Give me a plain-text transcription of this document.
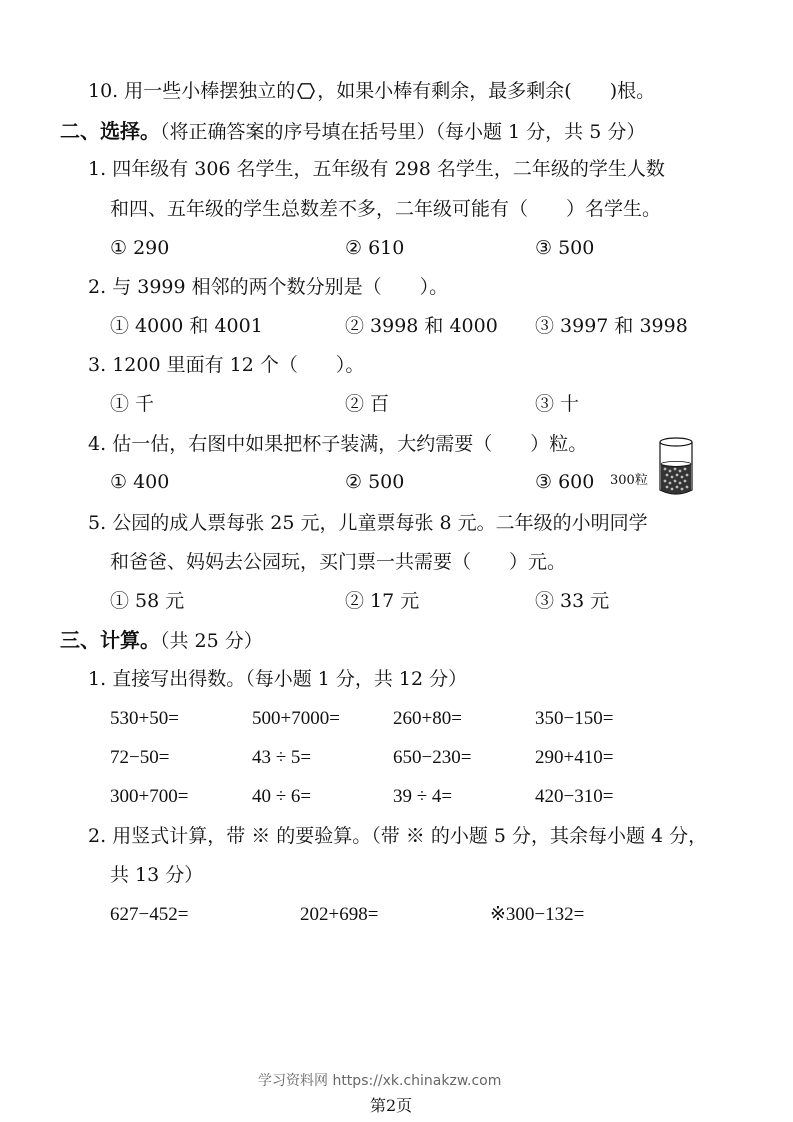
10. 用一些小棒摆独立的 ，如果小棒有剩余，最多剩余(　　)根。
二、选择。（将正确答案的序号填在括号里）（每小题 1 分，共 5 分）
1. 四年级有 306 名学生，五年级有 298 名学生，二年级的学生人数
和四、五年级的学生总数差不多，二年级可能有（　　）名学生。
① 290	② 610	③ 500
2. 与 3999 相邻的两个数分别是（　　）。
① 4000 和 4001	② 3998 和 4000 ③ 3997 和 3998
3. 1200 里面有 12 个（　　）。
① 千	② 百	③ 十
4. 估一估，右图中如果把杯子装满，大约需要（　　）粒。
① 400	② 500	③ 600 300粒
5. 公园的成人票每张 25 元，儿童票每张 8 元。二年级的小明同学
和爸爸、妈妈去公园玩，买门票一共需要（　　）元。
① 58 元	② 17 元	③ 33 元
三、计算。（共 25 分）
1. 直接写出得数。（每小题 1 分，共 12 分）
530+50=	500+7000=	260+80=	350−150=
72−50=	43 ÷ 5=	650−230=	290+410=
300+700=	40 ÷ 6=	39 ÷ 4=	420−310=
2. 用竖式计算，带 ※ 的要验算。（带 ※ 的小题 5 分，其余每小题 4 分，
共 13 分）
627−452=	202+698=	※300−132=
学习资料网 https://xk.chinakzw.com
第2页
